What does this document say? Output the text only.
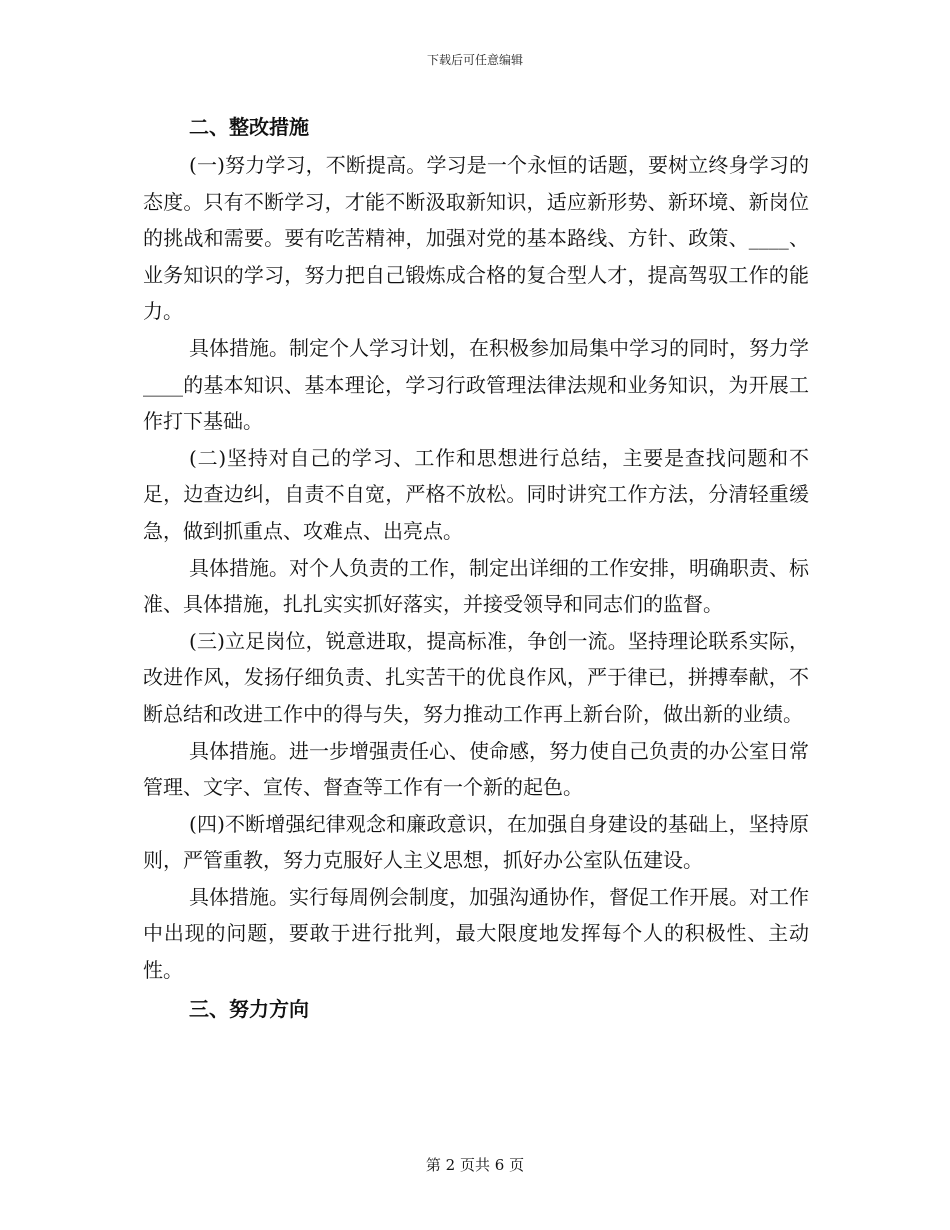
下载后可任意编辑
二、整改措施

(一)努力学习，不断提高。学习是一个永恒的话题，要树立终身学习的态度。只有不断学习，才能不断汲取新知识，适应新形势、新环境、新岗位的挑战和需要。要有吃苦精神，加强对党的基本路线、方针、政策、____、业务知识的学习，努力把自己锻炼成合格的复合型人才，提高驾驭工作的能力。

具体措施。制定个人学习计划，在积极参加局集中学习的同时，努力学____的基本知识、基本理论，学习行政管理法律法规和业务知识，为开展工作打下基础。

(二)坚持对自己的学习、工作和思想进行总结，主要是查找问题和不足，边查边纠，自责不自宽，严格不放松。同时讲究工作方法，分清轻重缓急，做到抓重点、攻难点、出亮点。

具体措施。对个人负责的工作，制定出详细的工作安排，明确职责、标准、具体措施，扎扎实实抓好落实，并接受领导和同志们的监督。

(三)立足岗位，锐意进取，提高标准，争创一流。坚持理论联系实际，改进作风，发扬仔细负责、扎实苦干的优良作风，严于律已，拼搏奉献，不断总结和改进工作中的得与失，努力推动工作再上新台阶，做出新的业绩。

具体措施。进一步增强责任心、使命感，努力使自己负责的办公室日常管理、文字、宣传、督查等工作有一个新的起色。

(四)不断增强纪律观念和廉政意识，在加强自身建设的基础上，坚持原则，严管重教，努力克服好人主义思想，抓好办公室队伍建设。

具体措施。实行每周例会制度，加强沟通协作，督促工作开展。对工作中出现的问题，要敢于进行批判，最大限度地发挥每个人的积极性、主动性。

三、努力方向
第 2 页共 6 页
